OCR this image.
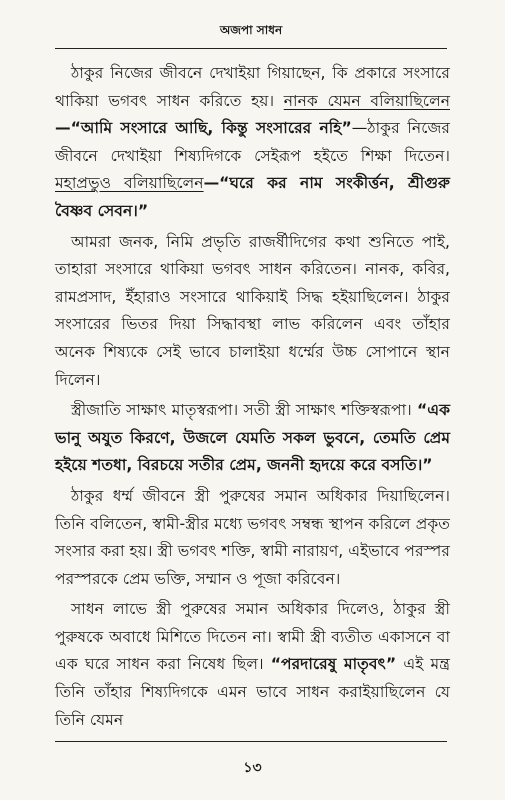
অজপা সাধন

ঠাকুর নিজের জীবনে দেখাইয়া গিয়াছেন, কি প্রকারে সংসারে থাকিয়া ভগবৎ সাধন করিতে হয়। নানক যেমন বলিয়াছিলেন—“আমি সংসারে আছি, কিন্তু সংসারের নহি”—ঠাকুর নিজের জীবনে দেখাইয়া শিষ্যদিগকে সেইরূপ হইতে শিক্ষা দিতেন। মহাপ্রভুও বলিয়াছিলেন—“ঘরে কর নাম সংকীর্ত্তন, শ্রীগুরু বৈষ্ণব সেবন।”

আমরা জনক, নিমি প্রভৃতি রাজর্ষীদিগের কথা শুনিতে পাই, তাহারা সংসারে থাকিয়া ভগবৎ সাধন করিতেন। নানক, কবির, রামপ্রসাদ, ইঁহারাও সংসারে থাকিয়াই সিদ্ধ হইয়াছিলেন। ঠাকুর সংসারের ভিতর দিয়া সিদ্ধাবস্থা লাভ করিলেন এবং তাঁহার অনেক শিষ্যকে সেই ভাবে চালাইয়া ধর্ম্মের উচ্চ সোপানে স্থান দিলেন।

স্ত্রীজাতি সাক্ষাৎ মাতৃস্বরূপা। সতী স্ত্রী সাক্ষাৎ শক্তিস্বরূপা। “এক ভানু অযুত কিরণে, উজলে যেমতি সকল ভুবনে, তেমতি প্রেম হইয়ে শতধা, বিরচয়ে সতীর প্রেম, জননী হৃদয়ে করে বসতি।”

ঠাকুর ধর্ম্ম জীবনে স্ত্রী পুরুষের সমান অধিকার দিয়াছিলেন। তিনি বলিতেন, স্বামী-স্ত্রীর মধ্যে ভগবৎ সম্বন্ধ স্থাপন করিলে প্রকৃত সংসার করা হয়। স্ত্রী ভগবৎ শক্তি, স্বামী নারায়ণ, এইভাবে পরস্পর পরস্পরকে প্রেম ভক্তি, সম্মান ও পূজা করিবেন।

সাধন লাভে স্ত্রী পুরুষের সমান অধিকার দিলেও, ঠাকুর স্ত্রী পুরুষকে অবাধে মিশিতে দিতেন না। স্বামী স্ত্রী ব্যতীত একাসনে বা এক ঘরে সাধন করা নিষেধ ছিল। “পরদারেষু মাতৃবৎ” এই মন্ত্র তিনি তাঁহার শিষ্যদিগকে এমন ভাবে সাধন করাইয়াছিলেন যে তিনি যেমন

১৩
